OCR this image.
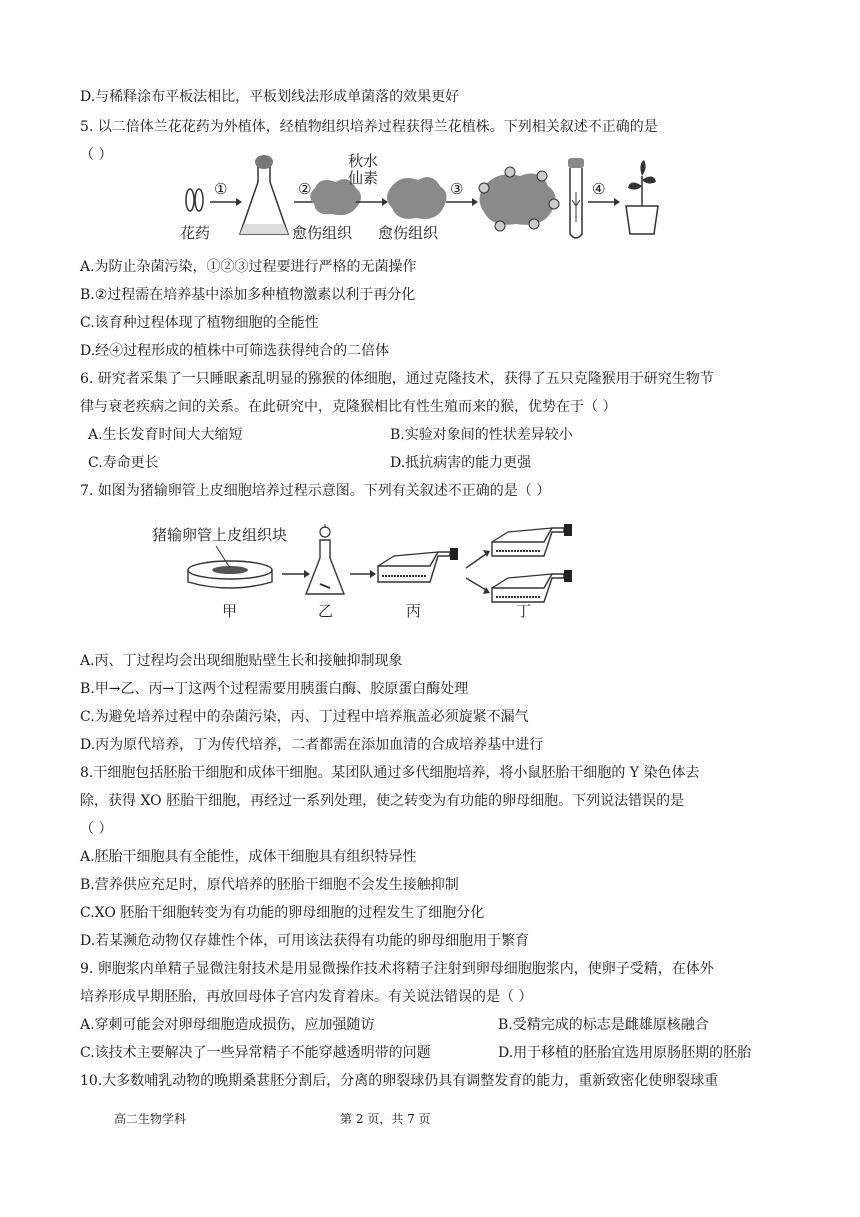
D.与稀释涂布平板法相比，平板划线法形成单菌落的效果更好
5. 以二倍体兰花花药为外植体，经植物组织培养过程获得兰花植株。下列相关叙述不正确的是
（ ）
花药
①	②
愈伤组织
秋水
仙素
愈伤组织
③	④
A.为防止杂菌污染，①②③过程要进行严格的无菌操作
B.②过程需在培养基中添加多种植物激素以利于再分化
C.该育种过程体现了植物细胞的全能性
D.经④过程形成的植株中可筛选获得纯合的二倍体
6. 研究者采集了一只睡眠紊乱明显的猕猴的体细胞，通过克隆技术，获得了五只克隆猴用于研究生物节
律与衰老疾病之间的关系。在此研究中，克隆猴相比有性生殖而来的猴，优势在于（ ）
A.生长发育时间大大缩短	B.实验对象间的性状差异较小
C.寿命更长	D.抵抗病害的能力更强
7. 如图为猪输卵管上皮细胞培养过程示意图。下列有关叙述不正确的是（ ）
猪输卵管上皮组织块
甲	乙	丙	丁
A.丙、丁过程均会出现细胞贴壁生长和接触抑制现象
B.甲→乙、丙→丁这两个过程需要用胰蛋白酶、胶原蛋白酶处理
C.为避免培养过程中的杂菌污染，丙、丁过程中培养瓶盖必须旋紧不漏气
D.丙为原代培养，丁为传代培养，二者都需在添加血清的合成培养基中进行
8.干细胞包括胚胎干细胞和成体干细胞。某团队通过多代细胞培养，将小鼠胚胎干细胞的 Y 染色体去
除，获得 XO 胚胎干细胞，再经过一系列处理，使之转变为有功能的卵母细胞。下列说法错误的是
（ ）
A.胚胎干细胞具有全能性，成体干细胞具有组织特异性
B.营养供应充足时，原代培养的胚胎干细胞不会发生接触抑制
C.XO 胚胎干细胞转变为有功能的卵母细胞的过程发生了细胞分化
D.若某濒危动物仅存雄性个体，可用该法获得有功能的卵母细胞用于繁育
9. 卵胞浆内单精子显微注射技术是用显微操作技术将精子注射到卵母细胞胞浆内，使卵子受精，在体外
培养形成早期胚胎，再放回母体子宫内发育着床。有关说法错误的是（ ）
A.穿刺可能会对卵母细胞造成损伤，应加强随访	B.受精完成的标志是雌雄原核融合
C.该技术主要解决了一些异常精子不能穿越透明带的问题	D.用于移植的胚胎宜选用原肠胚期的胚胎
10.大多数哺乳动物的晚期桑葚胚分割后，分离的卵裂球仍具有调整发育的能力，重新致密化使卵裂球重
高二生物学科	第 2 页，共 7 页
